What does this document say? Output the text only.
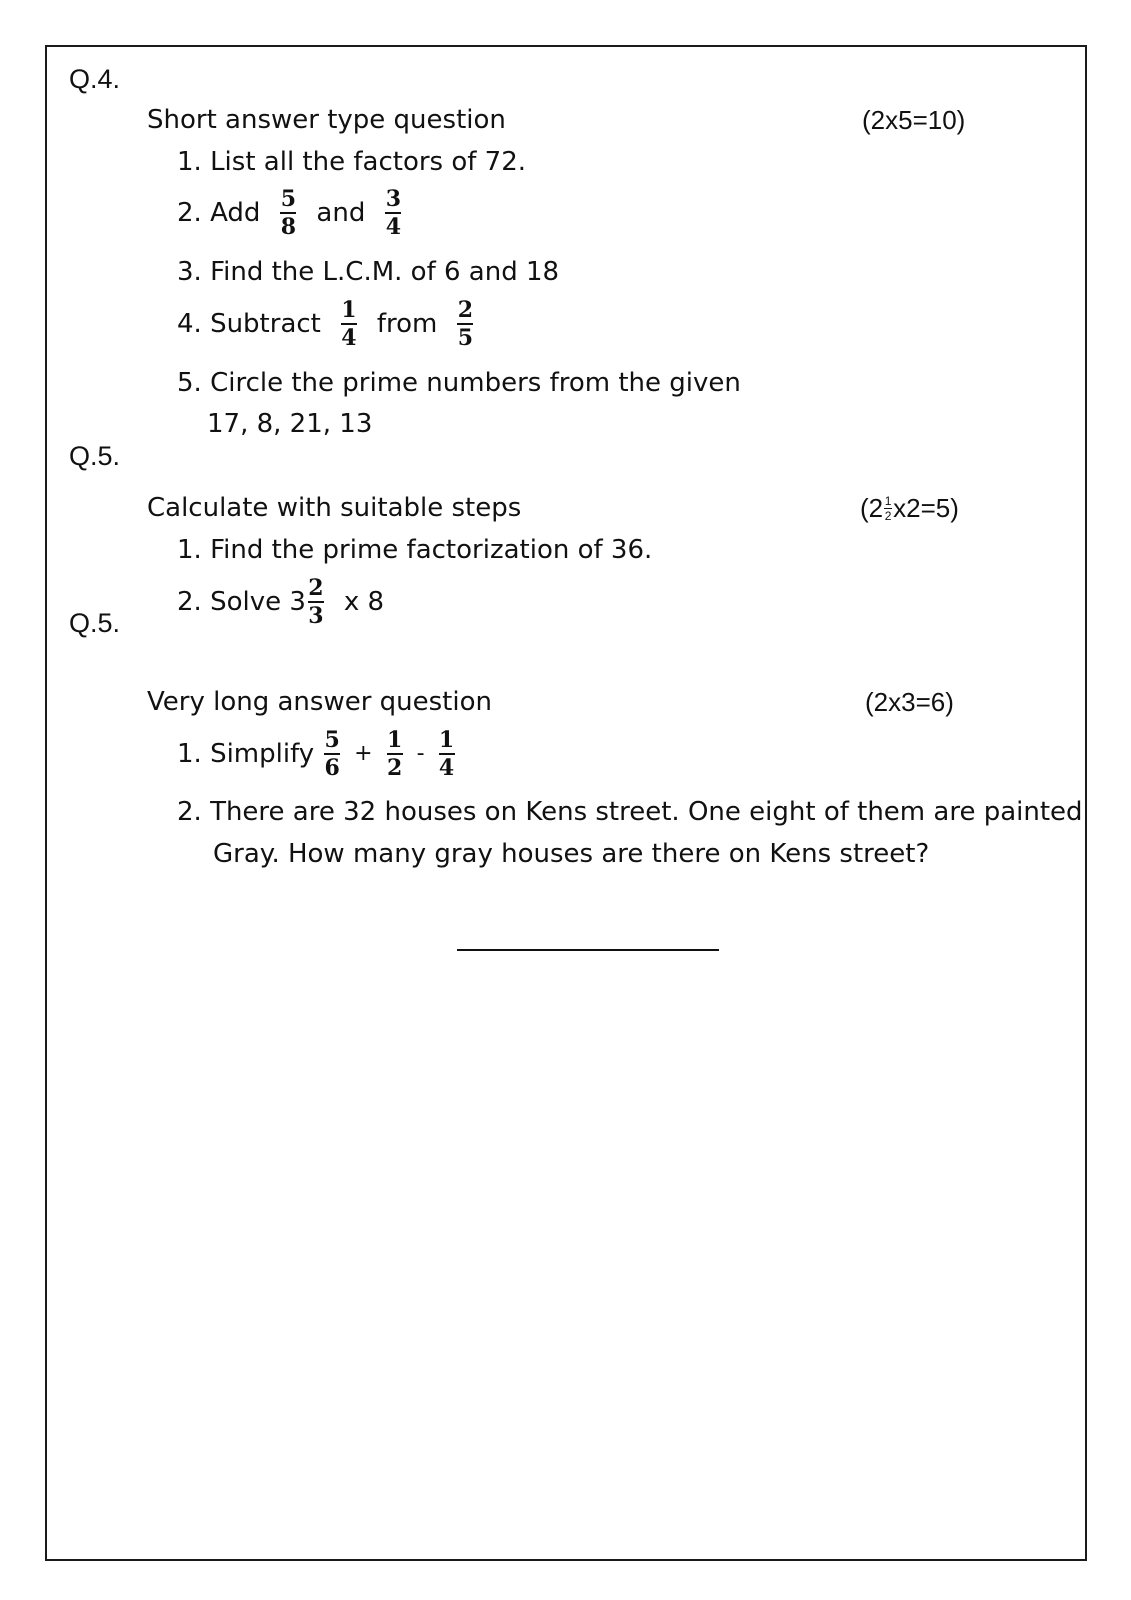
Q.4.
Short answer type question	(2x5=10)
1. List all the factors of 72.
2. Add $\frac{5}{8}$ and $\frac{3}{4}$
3. Find the L.C.M. of 6 and 18
4. Subtract $\frac{1}{4}$ from $\frac{2}{5}$
5. Circle the prime numbers from the given
17, 8, 21, 13
Q.5.
Calculate with suitable steps	(2 1
2 x2=5)
1. Find the prime factorization of 36.
2. Solve $3 \frac{2}{3}$ x 8
Q.5.
Very long answer question	(2x3=6)
1. Simplify $\frac{5}{6} + \frac{1}{2} - \frac{1}{4}$
2. There are 32 houses on Kens street. One eight of them are painted
Gray. How many gray houses are there on Kens street?
